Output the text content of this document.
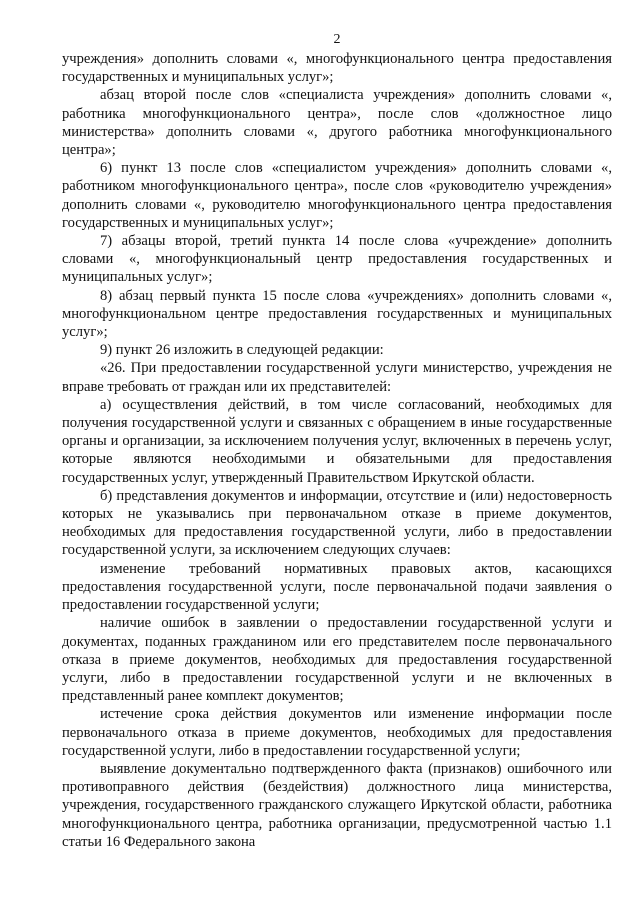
2

учреждения» дополнить словами «, многофункционального центра предоставления государственных и муниципальных услуг»;

абзац второй после слов «специалиста учреждения» дополнить словами «, работника многофункционального центра», после слов «должностное лицо министерства» дополнить словами «, другого работника многофункционального центра»;

6) пункт 13 после слов «специалистом учреждения» дополнить словами «, работником многофункционального центра», после слов «руководителю учреждения» дополнить словами «, руководителю многофункционального центра предоставления государственных и муниципальных услуг»;

7) абзацы второй, третий пункта 14 после слова «учреждение» дополнить словами «, многофункциональный центр предоставления государственных и муниципальных услуг»;

8) абзац первый пункта 15 после слова «учреждениях» дополнить словами «, многофункциональном центре предоставления государственных и муниципальных услуг»;

9) пункт 26 изложить в следующей редакции:

«26. При предоставлении государственной услуги министерство, учреждения не вправе требовать от граждан или их представителей:

а) осуществления действий, в том числе согласований, необходимых для получения государственной услуги и связанных с обращением в иные государственные органы и организации, за исключением получения услуг, включенных в перечень услуг, которые являются необходимыми и обязательными для предоставления государственных услуг, утвержденный Правительством Иркутской области.

б) представления документов и информации, отсутствие и (или) недостоверность которых не указывались при первоначальном отказе в приеме документов, необходимых для предоставления государственной услуги, либо в предоставлении государственной услуги, за исключением следующих случаев:

изменение требований нормативных правовых актов, касающихся предоставления государственной услуги, после первоначальной подачи заявления о предоставлении государственной услуги;

наличие ошибок в заявлении о предоставлении государственной услуги и документах, поданных гражданином или его представителем после первоначального отказа в приеме документов, необходимых для предоставления государственной услуги, либо в предоставлении государственной услуги и не включенных в представленный ранее комплект документов;

истечение срока действия документов или изменение информации после первоначального отказа в приеме документов, необходимых для предоставления государственной услуги, либо в предоставлении государственной услуги;

выявление документально подтвержденного факта (признаков) ошибочного или противоправного действия (бездействия) должностного лица министерства, учреждения, государственного гражданского служащего Иркутской области, работника многофункционального центра, работника организации, предусмотренной частью 1.1 статьи 16 Федерального закона
